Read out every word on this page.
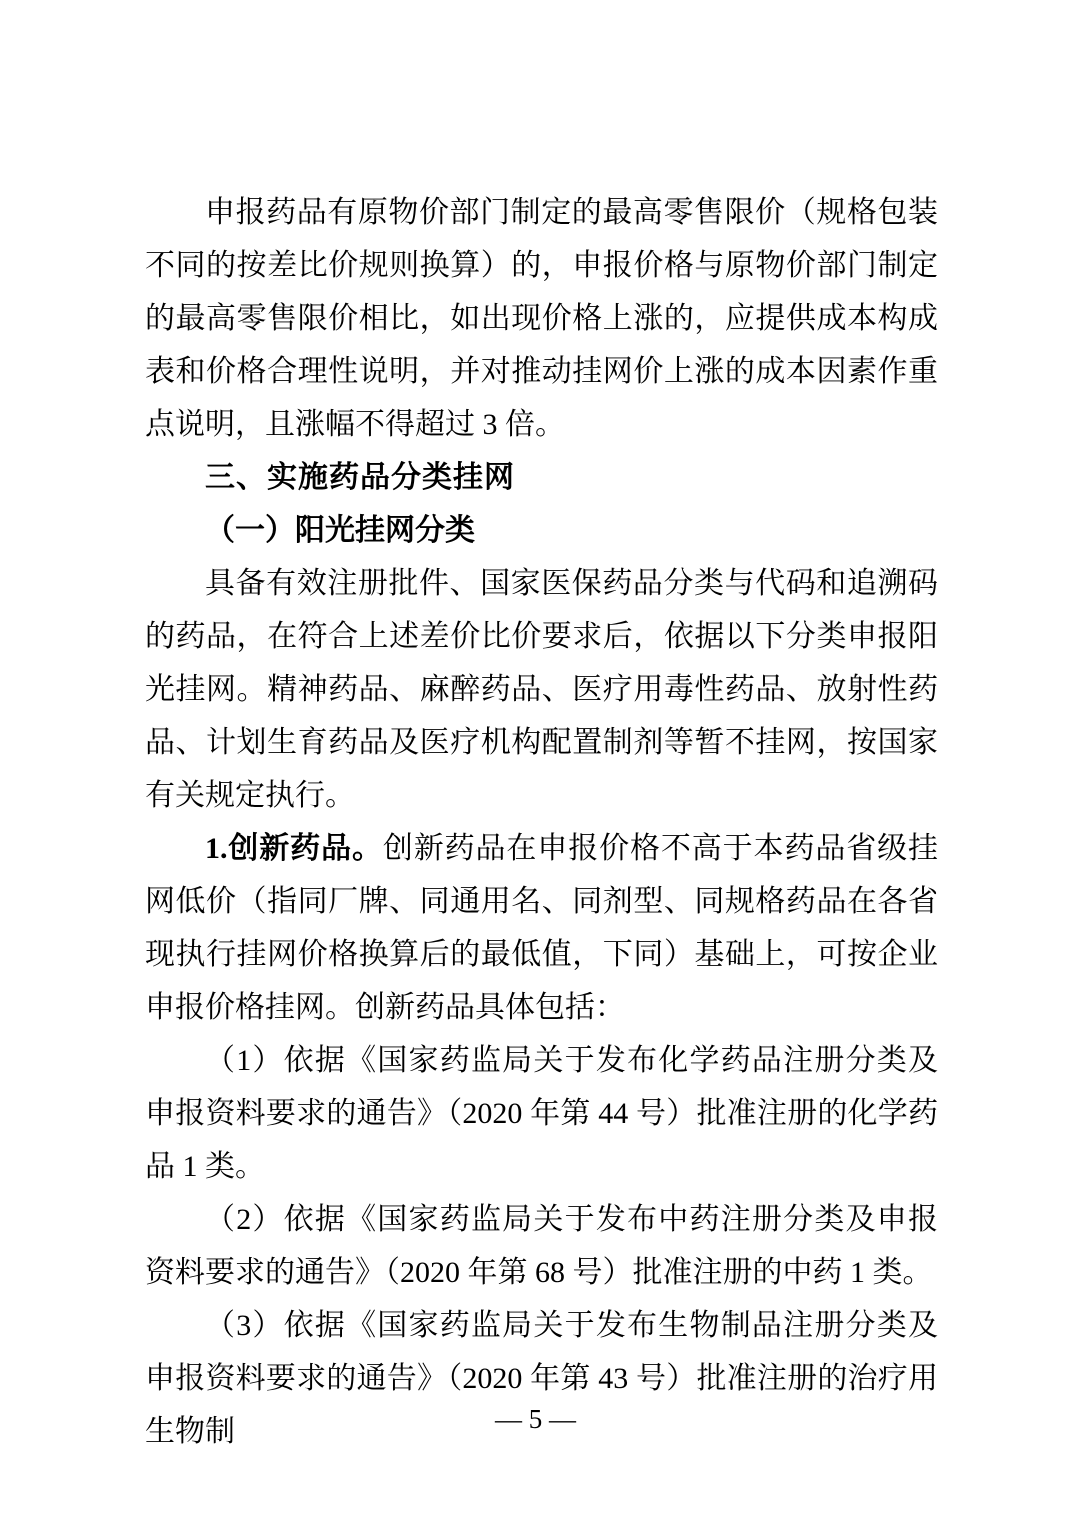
申报药品有原物价部门制定的最高零售限价（规格包装不同的按差比价规则换算）的，申报价格与原物价部门制定的最高零售限价相比，如出现价格上涨的，应提供成本构成表和价格合理性说明，并对推动挂网价上涨的成本因素作重点说明，且涨幅不得超过 3 倍。

三、实施药品分类挂网
（一）阳光挂网分类

具备有效注册批件、国家医保药品分类与代码和追溯码的药品，在符合上述差价比价要求后，依据以下分类申报阳光挂网。精神药品、麻醉药品、医疗用毒性药品、放射性药品、计划生育药品及医疗机构配置制剂等暂不挂网，按国家有关规定执行。

1.创新药品。创新药品在申报价格不高于本药品省级挂网低价（指同厂牌、同通用名、同剂型、同规格药品在各省现执行挂网价格换算后的最低值，下同）基础上，可按企业申报价格挂网。创新药品具体包括：

（1）依据《国家药监局关于发布化学药品注册分类及申报资料要求的通告》（2020 年第 44 号）批准注册的化学药品 1 类。

（2）依据《国家药监局关于发布中药注册分类及申报资料要求的通告》（2020 年第 68 号）批准注册的中药 1 类。

（3）依据《国家药监局关于发布生物制品注册分类及申报资料要求的通告》（2020 年第 43 号）批准注册的治疗用生物制	— 5 —
